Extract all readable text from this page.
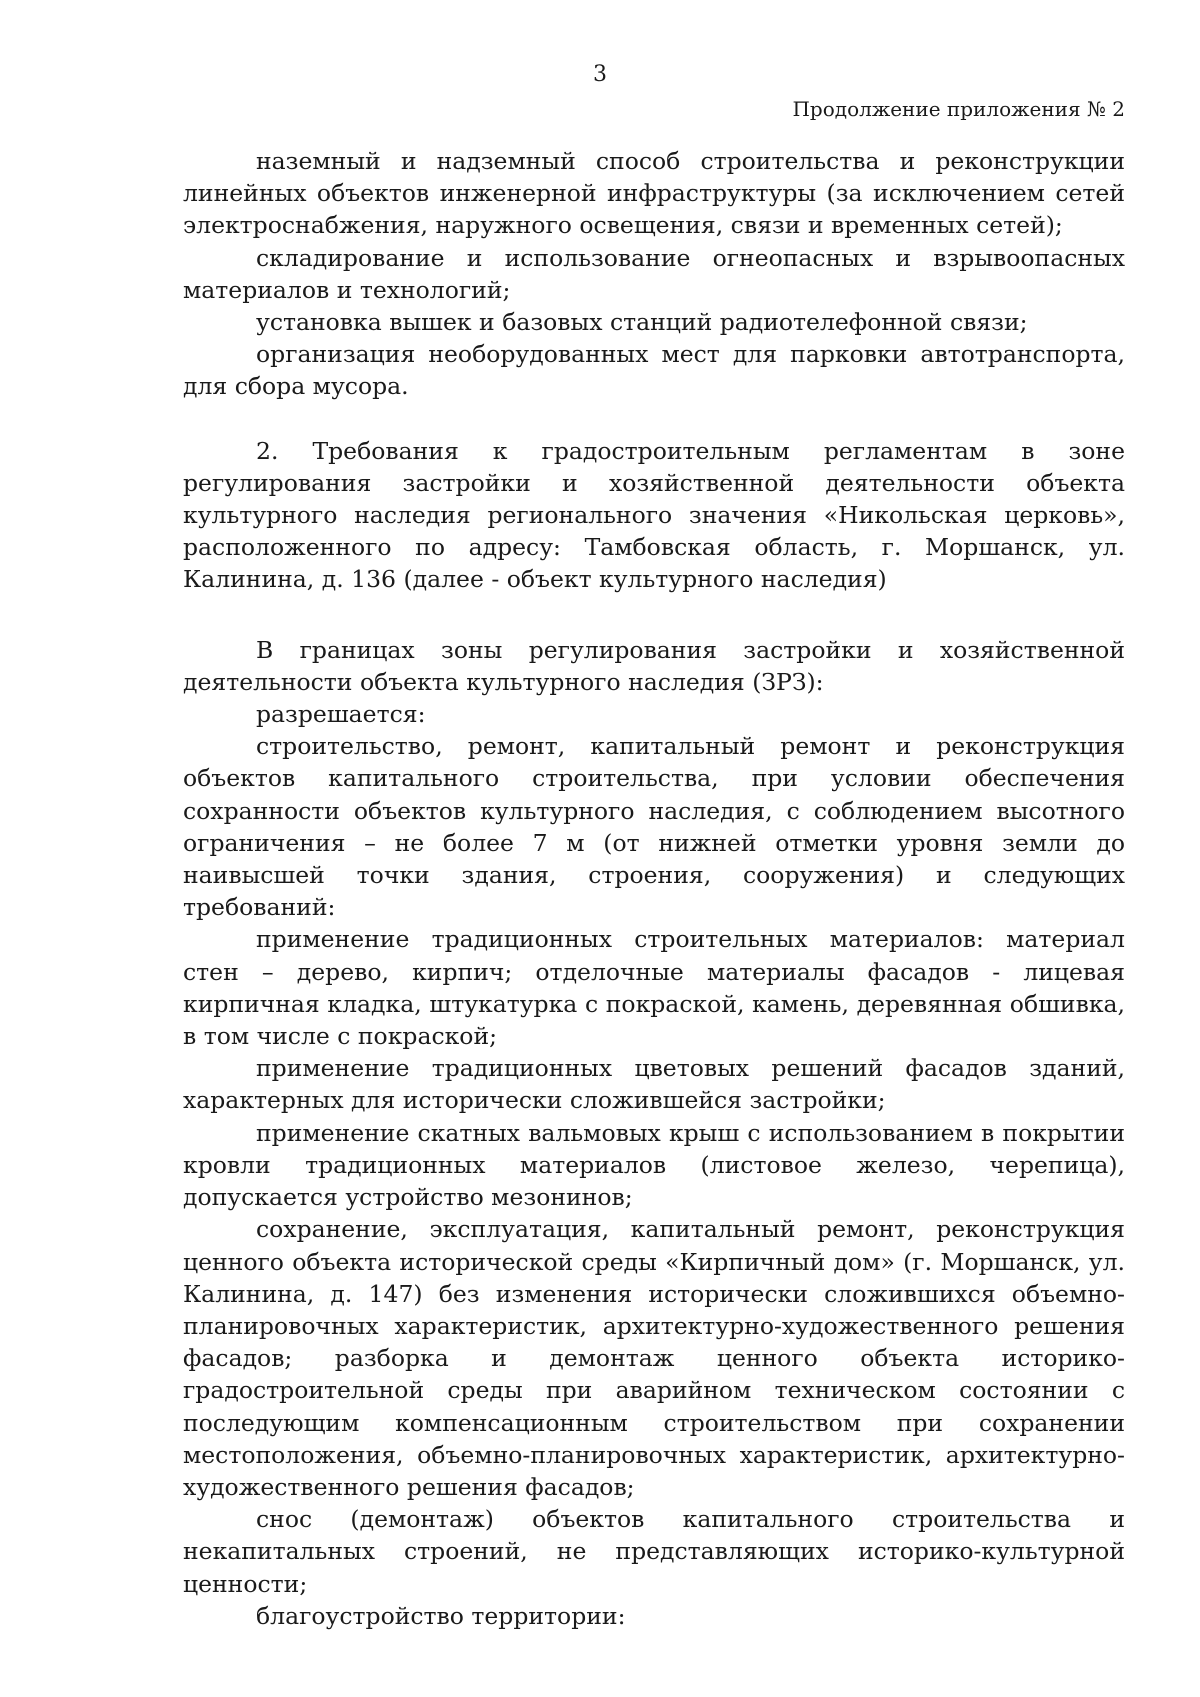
3
Продолжение приложения № 2

наземный и надземный способ строительства и реконструкции линейных объектов инженерной инфраструктуры (за исключением сетей электроснабжения, наружного освещения, связи и временных сетей);

складирование и использование огнеопасных и взрывоопасных материалов и технологий;

установка вышек и базовых станций радиотелефонной связи;

организация необорудованных мест для парковки автотранспорта, для сбора мусора.

2. Требования к градостроительным регламентам в зоне регулирования застройки и хозяйственной деятельности объекта культурного наследия регионального значения «Никольская церковь», расположенного по адресу: Тамбовская область, г. Моршанск, ул. Калинина, д. 136 (далее - объект культурного наследия)

В границах зоны регулирования застройки и хозяйственной деятельности объекта культурного наследия (ЗРЗ):

разрешается:

строительство, ремонт, капитальный ремонт и реконструкция объектов капитального строительства, при условии обеспечения сохранности объектов культурного наследия, с соблюдением высотного ограничения – не более 7 м (от нижней отметки уровня земли до наивысшей точки здания, строения, сооружения) и следующих требований:

применение традиционных строительных материалов: материал стен – дерево, кирпич; отделочные материалы фасадов - лицевая кирпичная кладка, штукатурка с покраской, камень, деревянная обшивка, в том числе с покраской;

применение традиционных цветовых решений фасадов зданий, характерных для исторически сложившейся застройки;

применение скатных вальмовых крыш с использованием в покрытии кровли традиционных материалов (листовое железо, черепица), допускается устройство мезонинов;

сохранение, эксплуатация, капитальный ремонт, реконструкция ценного объекта исторической среды «Кирпичный дом» (г. Моршанск, ул. Калинина, д. 147) без изменения исторически сложившихся объемно-планировочных характеристик, архитектурно-художественного решения фасадов; разборка и демонтаж ценного объекта историко-градостроительной среды при аварийном техническом состоянии с последующим компенсационным строительством при сохранении местоположения, объемно-планировочных характеристик, архитектурно-художественного решения фасадов;

снос (демонтаж) объектов капитального строительства и некапитальных строений, не представляющих историко-культурной ценности;

благоустройство территории:
